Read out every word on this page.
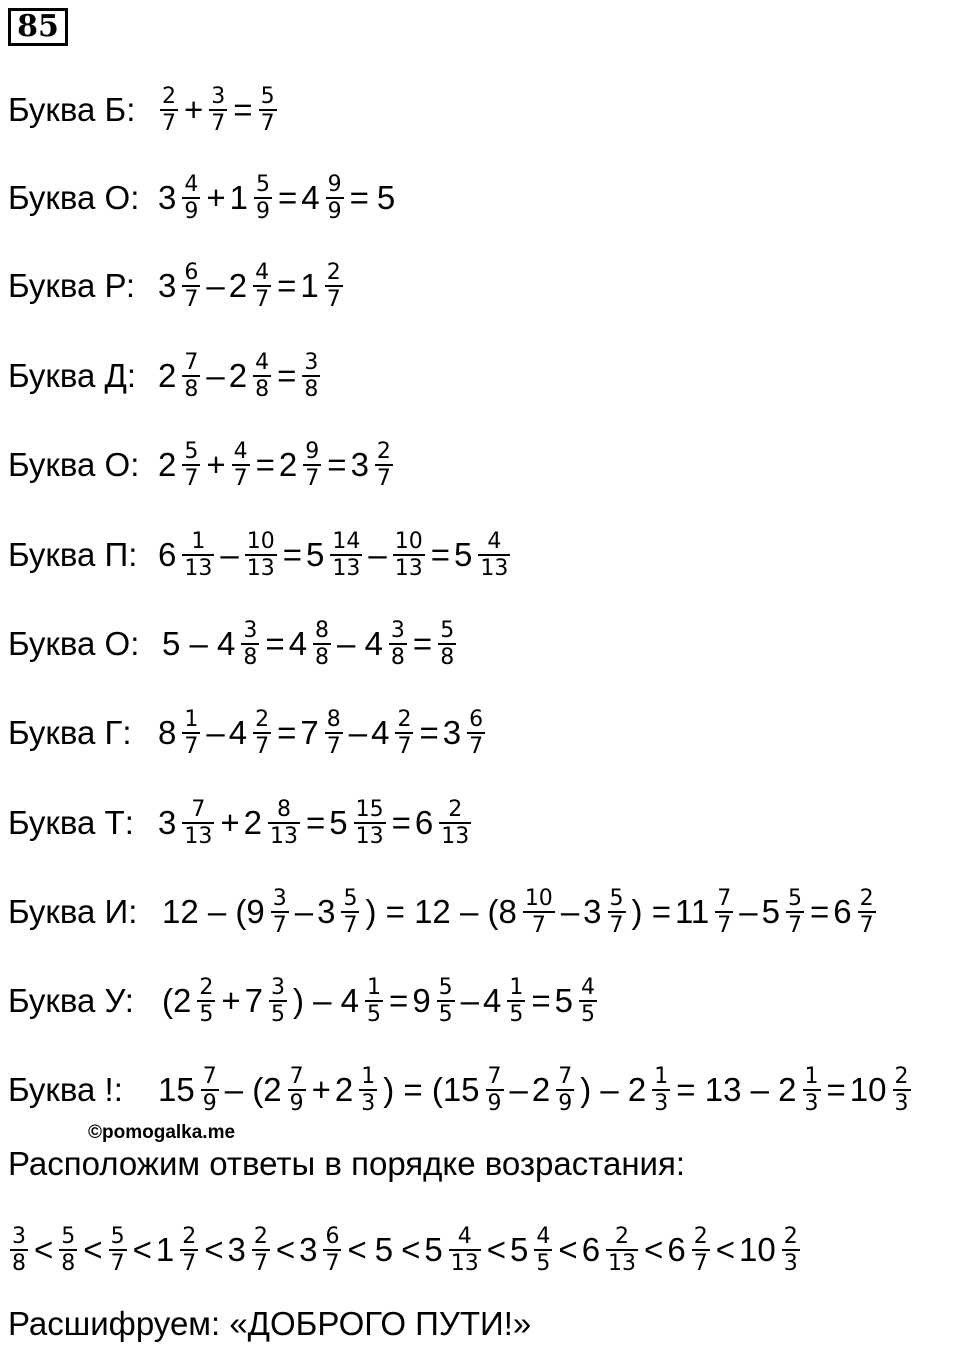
85
Буква Б:	$\frac{2}{7} + \frac{3}{7} = \frac{5}{7}$
Буква О: $3 \frac{4}{9} + 1 \frac{5}{9} = 4 \frac{9}{9} = 5$
Буква Р: $3 \frac{6}{7} - 2 \frac{4}{7} = 1 \frac{2}{7}$
Буква Д: $2 \frac{7}{8} - 2 \frac{4}{8} = \frac{3}{8}$
Буква О: $2 \frac{5}{7} + \frac{4}{7} = 2 \frac{9}{7} = 3 \frac{2}{7}$
Буква П: $6 \frac{1}{13} - \frac{10}{13} = 5 \frac{14}{13} - \frac{10}{13} = 5 \frac{4}{13}$
Буква О: $5 - 4 \frac{3}{8} = 4 \frac{8}{8} - 4 \frac{3}{8} = \frac{5}{8}$
Буква Г: $8 \frac{1}{7} - 4 \frac{2}{7} = 7 \frac{8}{7} - 4 \frac{2}{7} = 3 \frac{6}{7}$
Буква Т: $3 \frac{7}{13} + 2 \frac{8}{13} = 5 \frac{15}{13} = 6 \frac{2}{13}$
Буква И: $12 - (9 \frac{3}{7} - 3 \frac{5}{7}$ ) = $12 - (8 \frac{10}{7} - 3 \frac{5}{7}$ ) = $11 \frac{7}{7} - 5 \frac{5}{7} = 6 \frac{2}{7}$
Буква У: ($2 \frac{2}{5} + 7 \frac{3}{5}$ ) – $4 \frac{1}{5} = 9 \frac{5}{5} - 4 \frac{1}{5} = 5 \frac{4}{5}$
Буква !:	$15 \frac{7}{9} - (2 \frac{7}{9} + 2 \frac{1}{3}$ ) = ($15 \frac{7}{9} - 2 \frac{7}{9}$ ) – $2 \frac{1}{3} = 13 - 2 \frac{1}{3} = 10 \frac{2}{3}$
©pomogalka.me
Расположим ответы в порядке возрастания:
$\frac{3}{8} < \frac{5}{8} < \frac{5}{7} < 1 \frac{2}{7} < 3 \frac{2}{7} < 3 \frac{6}{7} < 5 < 5 \frac{4}{13} < 5 \frac{4}{5} < 6 \frac{2}{13} < 6 \frac{2}{7} < 10 \frac{2}{3}$
Расшифруем: «ДОБРОГО ПУТИ!»
